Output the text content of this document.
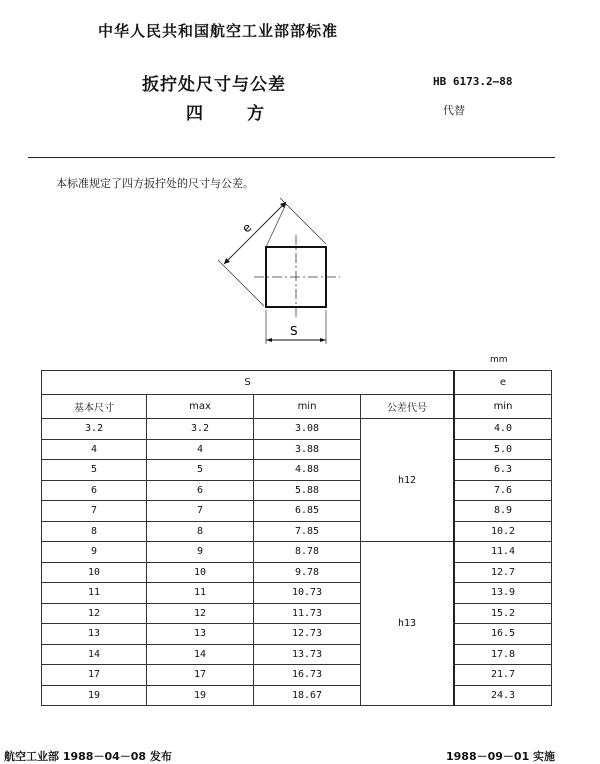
中华人民共和国航空工业部部标准
扳拧处尺寸与公差
四方
HB 6173.2—88
代替
本标准规定了四方扳拧处的尺寸与公差。
e
S
mm
S				e
基本尺寸	max	min	公差代号	min
3.2	3.2	3.08	h12	4.0
4	4	3.88		5.0
5	5	4.88		6.3
6	6	5.88		7.6
7	7	6.85		8.9
8	8	7.85		10.2
9	9	8.78	h13	11.4
10	10	9.78		12.7
11	11	10.73		13.9
12	12	11.73		15.2
13	13	12.73		16.5
14	14	13.73		17.8
17	17	16.73		21.7
19	19	18.67		24.3
航空工业部 1988－04－08 发布	1988－09－01 实施
